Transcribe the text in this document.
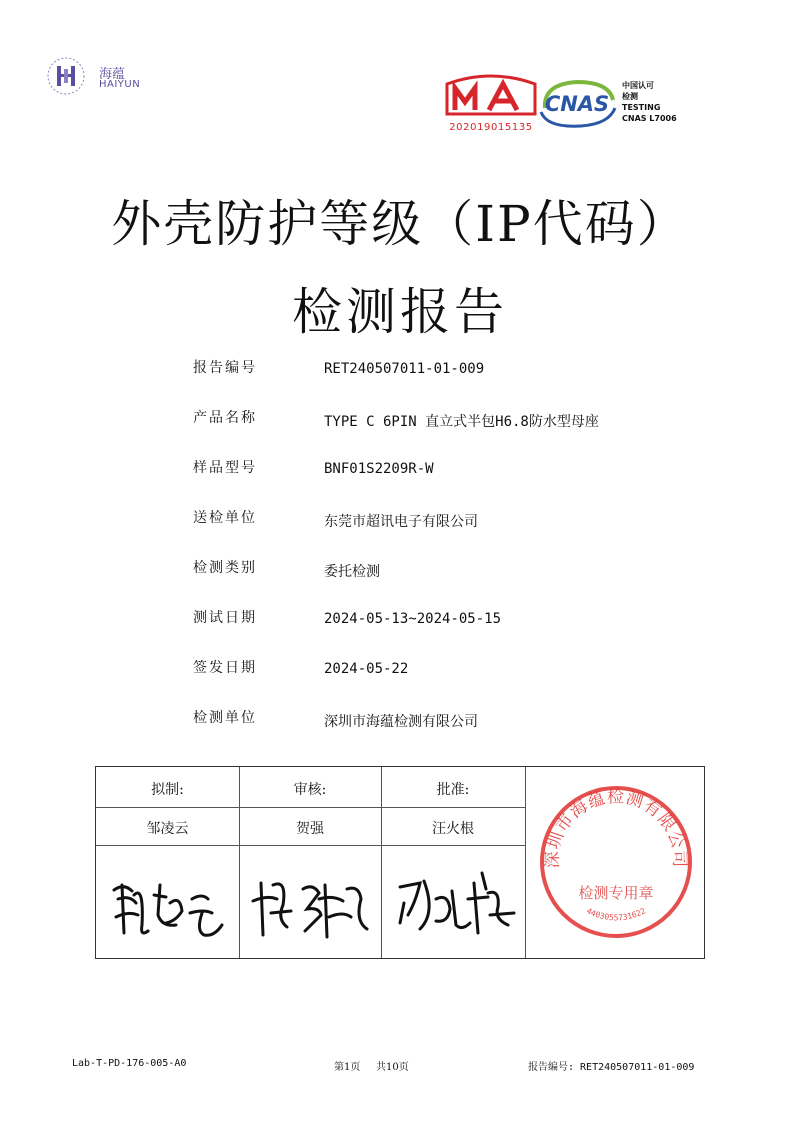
海蕴
HAIYUN
202019015135
CNAS
中国认可
检测
TESTING
CNAS L7006
外壳防护等级（IP代码）
检测报告
报告编号	RET240507011-01-009
产品名称	TYPE C 6PIN 直立式半包H6.8防水型母座
样品型号	BNF01S2209R-W
送检单位	东莞市超讯电子有限公司
检测类别	委托检测
测试日期	2024-05-13~2024-05-15
签发日期	2024-05-22
检测单位	深圳市海蕴检测有限公司
拟制:	审核:	批准:
邹凌云	贺强	汪火根
深圳市海蕴检测有限公司
检测专用章
4403055731622
Lab-T-PD-176-005-A0	第1页 共10页	报告编号: RET240507011-01-009
